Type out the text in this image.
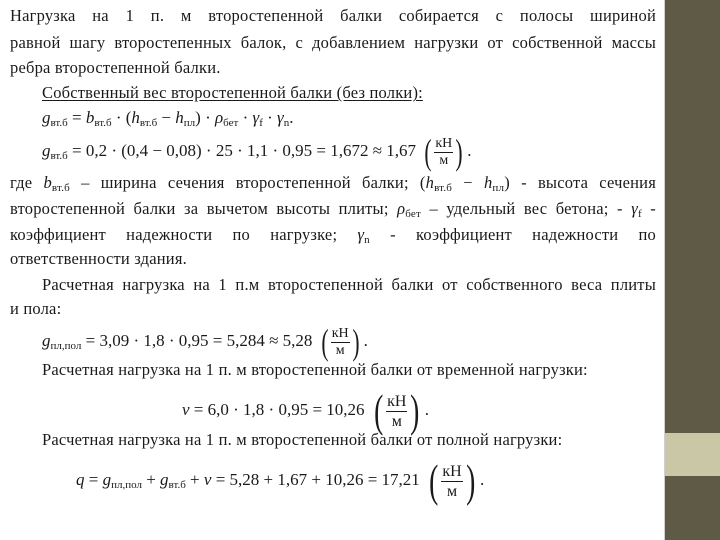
Нагрузка на 1 п. м второстепенной балки собирается с полосы шириной
равной шагу второстепенных балок, с добавлением нагрузки от собственной массы
ребра второстепенной балки.
Собственный вес второстепенной балки (без полки):
$g_{вт.б} = b_{вт.б} \cdot (h_{вт.б} - h_{пл}) \cdot \rho_{бет} \cdot \gamma_f \cdot \gamma_n$.
$g_{вт.б} = 0,2 \cdot (0,4 - 0,08) \cdot 25 \cdot 1,1 \cdot 0,95 = 1,672 \approx 1,67$ ( кН
м ) .
где $b_{вт.б}$ – ширина сечения второстепенной балки; $(h_{вт.б} - h_{пл})$ - высота сечения
второстепенной балки за вычетом высоты плиты; $\rho_{бет}$ – удельный вес бетона; - $\gamma_f$ -
коэффициент надежности по нагрузке; $\gamma_n$ - коэффициент надежности по
ответственности здания.
Расчетная нагрузка на 1 п.м второстепенной балки от собственного веса плиты
и пола:
$g_{пл,пол} = 3,09 \cdot 1,8 \cdot 0,95 = 5,284 \approx 5,28$ ( кН
м ) .
Расчетная нагрузка на 1 п. м второстепенной балки от временной нагрузки:
v = 6,0 · 1,8 · 0,95 = 10,26 ( кН
м ) .
Расчетная нагрузка на 1 п. м второстепенной балки от полной нагрузки:
$q = g_{пл,пол} + g_{вт.б} + v = 5,28 + 1,67 + 10,26 = 17,21$ ( кН
м ) .
